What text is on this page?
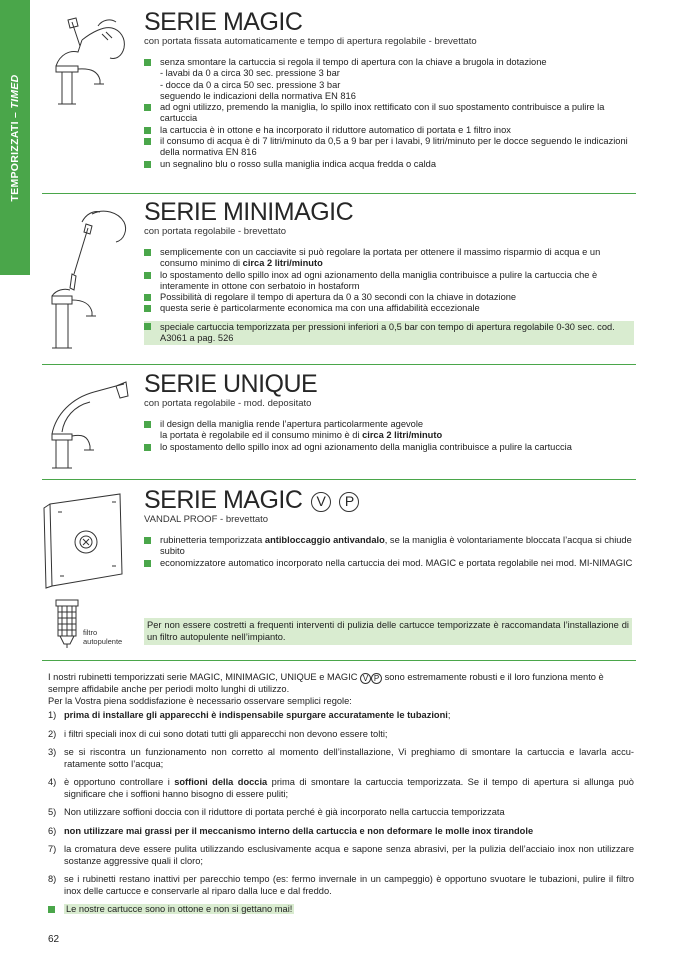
TEMPORIZZATI – TIMED
SERIE MAGIC
con portata fissata automaticamente e tempo di apertura regolabile - brevettato
senza smontare la cartuccia si regola il tempo di apertura con la chiave a brugola in dotazione
- lavabi da 0 a circa 30 sec. pressione 3 bar
- docce da 0 a circa 50 sec. pressione 3 bar
seguendo le indicazioni della normativa EN 816
ad ogni utilizzo, premendo la maniglia, lo spillo inox rettificato con il suo spostamento contribuisce a pulire la cartuccia
la cartuccia è in ottone e ha incorporato il riduttore automatico di portata e 1 filtro inox
il consumo di acqua è di 7 litri/minuto da 0,5 a 9 bar per i lavabi, 9 litri/minuto per le docce seguendo le indicazioni della normativa EN 816
un segnalino blu o rosso sulla maniglia indica acqua fredda o calda
SERIE MINIMAGIC
con portata regolabile - brevettato
semplicemente con un cacciavite si può regolare la portata per ottenere il massimo risparmio di acqua e un consumo minimo di circa 2 litri/minuto
lo spostamento dello spillo inox ad ogni azionamento della maniglia contribuisce a pulire la cartuccia che è interamente in ottone con serbatoio in hostaform
Possibilità di regolare il tempo di apertura da 0 a 30 secondi con la chiave in dotazione
questa serie è particolarmente economica ma con una affidabilità eccezionale
speciale cartuccia temporizzata per pressioni inferiori a 0,5 bar con tempo di apertura regolabile 0-30 sec. cod. A3061 a pag. 526
SERIE UNIQUE
con portata regolabile - mod. depositato
il design della maniglia rende l’apertura particolarmente agevole
la portata è regolabile ed il consumo minimo è di circa 2 litri/minuto
lo spostamento dello spillo inox ad ogni azionamento della maniglia contribuisce a pulire la cartuccia
SERIE MAGIC V P
VANDAL PROOF - brevettato
rubinetteria temporizzata antibloccaggio antivandalo, se la maniglia è volontariamente bloccata l’acqua si chiude subito
economizzatore automatico incorporato nella cartuccia dei mod. MAGIC e portata regolabile nei mod. MI-NIMAGIC
filtro
autopulente
Per non essere costretti a frequenti interventi di pulizia delle cartucce temporizzate è raccomandata l’installazione di un filtro autopulente nell’impianto.
I nostri rubinetti temporizzati serie MAGIC, MINIMAGIC, UNIQUE e MAGIC V P sono estremamente robusti e il loro funziona mento è sempre affidabile anche per periodi molto lunghi di utilizzo.
Per la Vostra piena soddisfazione è necessario osservare semplici regole:
1) prima di installare gli apparecchi è indispensabile spurgare accuratamente le tubazioni;
2) i filtri speciali inox di cui sono dotati tutti gli apparecchi non devono essere tolti;
3) se si riscontra un funzionamento non corretto al momento dell’installazione, Vi preghiamo di smontare la cartuccia e lavarla accu-ratamente sotto l’acqua;
4) è opportuno controllare i soffioni della doccia prima di smontare la cartuccia temporizzata. Se il tempo di apertura si allunga può significare che i soffioni hanno bisogno di essere puliti;
5) Non utilizzare soffioni doccia con il riduttore di portata perché è già incorporato nella cartuccia temporizzata
6) non utilizzare mai grassi per il meccanismo interno della cartuccia e non deformare le molle inox tirandole
7) la cromatura deve essere pulita utilizzando esclusivamente acqua e sapone senza abrasivi, per la pulizia dell’acciaio inox non utilizzare sostanze aggressive quali il cloro;
8) se i rubinetti restano inattivi per parecchio tempo (es: fermo invernale in un campeggio) è opportuno svuotare le tubazioni, pulire il filtro inox delle cartucce e conservarle al riparo dalla luce e dal freddo.
Le nostre cartucce sono in ottone e non si gettano mai!
62
